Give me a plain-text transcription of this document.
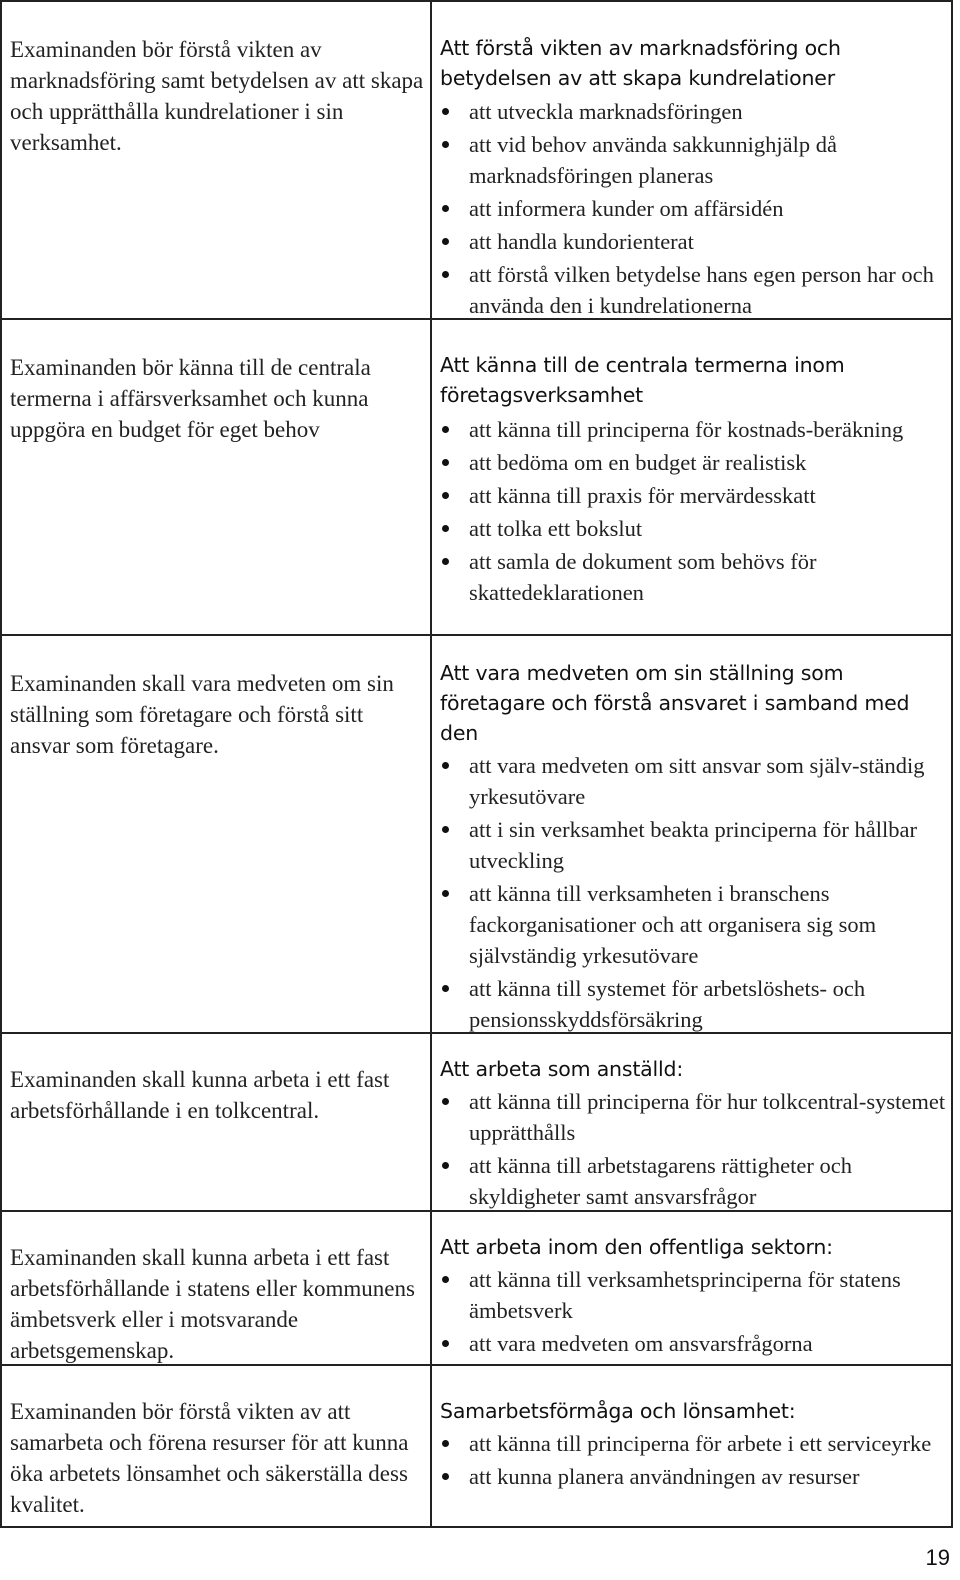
Examinanden bör förstå vikten av marknadsföring samt betydelsen av att skapa och upprätthålla kundrelationer i sin verksamhet.
Att förstå vikten av marknadsföring och betydelsen av att skapa kundrelationer
att utveckla marknadsföringen
att vid behov använda sakkunnighjälp då marknadsföringen planeras
att informera kunder om affärsidén
att handla kundorienterat
att förstå vilken betydelse hans egen person har och använda den i kundrelationerna
Examinanden bör känna till de centrala termerna i affärsverksamhet och kunna uppgöra en budget för eget behov
Att känna till de centrala termerna inom företagsverksamhet
att känna till principerna för kostnads-beräkning
att bedöma om en budget är realistisk
att känna till praxis för mervärdesskatt
att tolka ett bokslut
att samla de dokument som behövs för skattedeklarationen
Examinanden skall vara medveten om sin ställning som företagare och förstå sitt ansvar som företagare.
Att vara medveten om sin ställning som företagare och förstå ansvaret i samband med den
att vara medveten om sitt ansvar som själv-ständig yrkesutövare
att i sin verksamhet beakta principerna för hållbar utveckling
att känna till verksamheten i branschens fackorganisationer och att organisera sig som självständig yrkesutövare
att känna till systemet för arbetslöshets- och pensionsskyddsförsäkring
Examinanden skall kunna arbeta i ett fast arbetsförhållande i en tolkcentral.
Att arbeta som anställd:
att känna till principerna för hur tolkcentral-systemet upprätthålls
att känna till arbetstagarens rättigheter och skyldigheter samt ansvarsfrågor
Examinanden skall kunna arbeta i ett fast arbetsförhållande i statens eller kommunens ämbetsverk eller i motsvarande arbetsgemenskap.
Att arbeta inom den offentliga sektorn:
att känna till verksamhetsprinciperna för statens ämbetsverk
att vara medveten om ansvarsfrågorna
Examinanden bör förstå vikten av att samarbeta och förena resurser för att kunna öka arbetets lönsamhet och säkerställa dess kvalitet.
Samarbetsförmåga och lönsamhet:
att känna till principerna för arbete i ett serviceyrke
att kunna planera användningen av resurser
19
